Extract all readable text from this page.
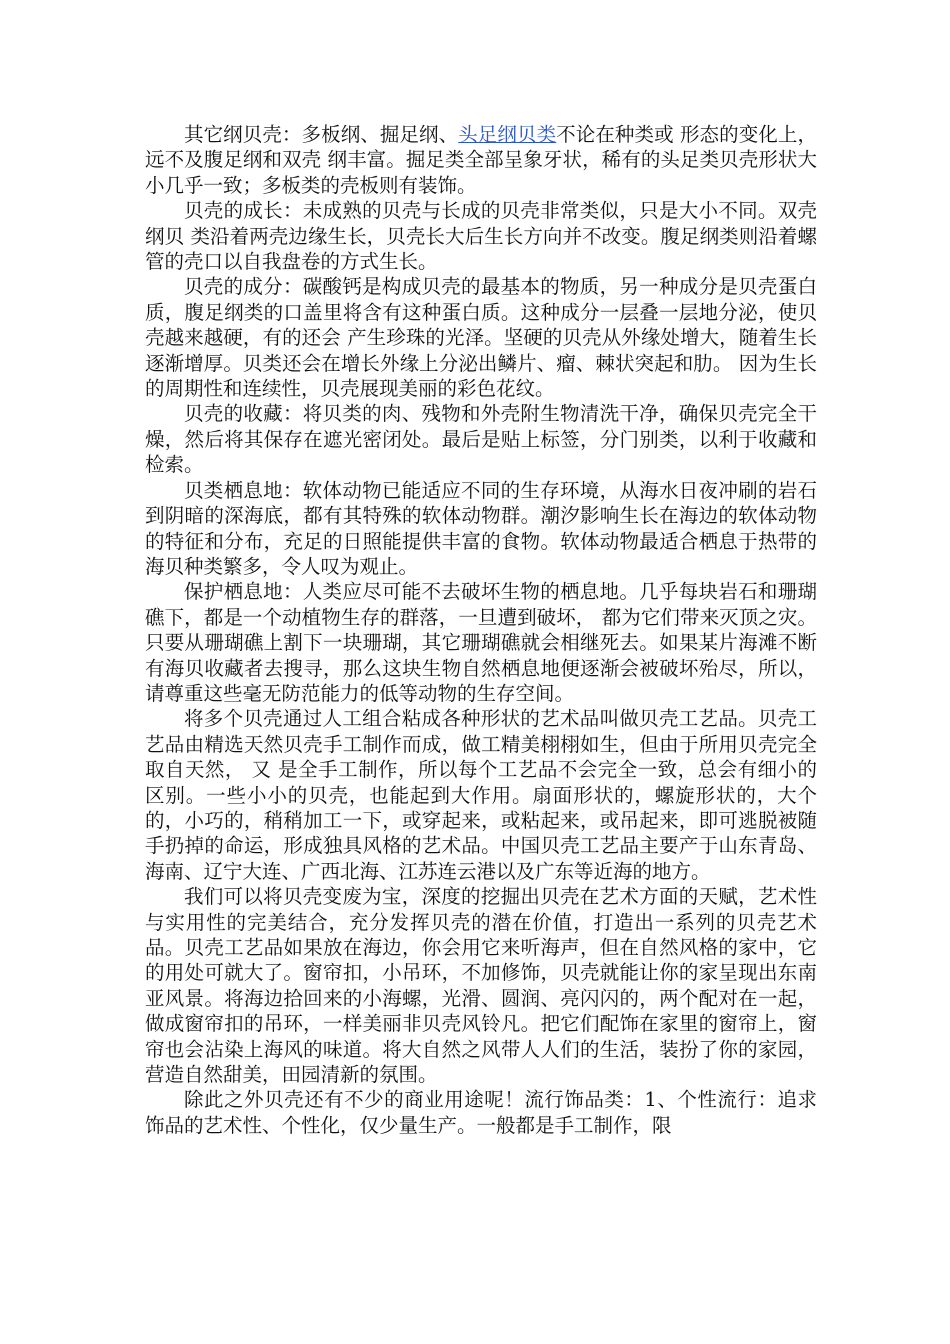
其它纲贝壳：多板纲、掘足纲、头足纲贝类不论在种类或 形态的变化上，远不及腹足纲和双壳 纲丰富。掘足类全部呈象牙状，稀有的头足类贝壳形状大小几乎一致；多板类的壳板则有装饰。

贝壳的成长：未成熟的贝壳与长成的贝壳非常类似，只是大小不同。双壳纲贝 类沿着两壳边缘生长，贝壳长大后生长方向并不改变。腹足纲类则沿着螺管的壳口以自我盘卷的方式生长。

贝壳的成分：碳酸钙是构成贝壳的最基本的物质，另一种成分是贝壳蛋白质，腹足纲类的口盖里将含有这种蛋白质。这种成分一层叠一层地分泌，使贝壳越来越硬，有的还会 产生珍珠的光泽。坚硬的贝壳从外缘处增大，随着生长逐渐增厚。贝类还会在增长外缘上分泌出鳞片、瘤、棘状突起和肋。 因为生长的周期性和连续性，贝壳展现美丽的彩色花纹。

贝壳的收藏：将贝类的肉、残物和外壳附生物清洗干净，确保贝壳完全干燥，然后将其保存在遮光密闭处。最后是贴上标签，分门别类，以利于收藏和检索。

贝类栖息地：软体动物已能适应不同的生存环境，从海水日夜冲刷的岩石到阴暗的深海底，都有其特殊的软体动物群。潮汐影响生长在海边的软体动物的特征和分布，充足的日照能提供丰富的食物。软体动物最适合栖息于热带的海贝种类繁多，令人叹为观止。

保护栖息地：人类应尽可能不去破坏生物的栖息地。几乎每块岩石和珊瑚礁下，都是一个动植物生存的群落，一旦遭到破坏， 都为它们带来灭顶之灾。只要从珊瑚礁上割下一块珊瑚，其它珊瑚礁就会相继死去。如果某片海滩不断有海贝收藏者去搜寻，那么这块生物自然栖息地便逐渐会被破坏殆尽，所以，请尊重这些毫无防范能力的低等动物的生存空间。

将多个贝壳通过人工组合粘成各种形状的艺术品叫做贝壳工艺品。贝壳工艺品由精选天然贝壳手工制作而成，做工精美栩栩如生，但由于所用贝壳完全取自天然， 又 是全手工制作，所以每个工艺品不会完全一致，总会有细小的区别。一些小小的贝壳，也能起到大作用。扇面形状的，螺旋形状的，大个的，小巧的，稍稍加工一下，或穿起来，或粘起来，或吊起来，即可逃脱被随手扔掉的命运，形成独具风格的艺术品。中国贝壳工艺品主要产于山东青岛、海南、辽宁大连、广西北海、江苏连云港以及广东等近海的地方。

我们可以将贝壳变废为宝，深度的挖掘出贝壳在艺术方面的天赋，艺术性与实用性的完美结合，充分发挥贝壳的潜在价值，打造出一系列的贝壳艺术品。贝壳工艺品如果放在海边，你会用它来听海声，但在自然风格的家中，它的用处可就大了。窗帘扣，小吊环，不加修饰，贝壳就能让你的家呈现出东南亚风景。将海边拾回来的小海螺，光滑、圆润、亮闪闪的，两个配对在一起，做成窗帘扣的吊环，一样美丽非贝壳风铃凡。把它们配饰在家里的窗帘上，窗帘也会沾染上海风的味道。将大自然之风带人人们的生活，装扮了你的家园，营造自然甜美，田园清新的氛围。

除此之外贝壳还有不少的商业用途呢！流行饰品类：1、个性流行：追求饰品的艺术性、个性化，仅少量生产。一般都是手工制作，限
